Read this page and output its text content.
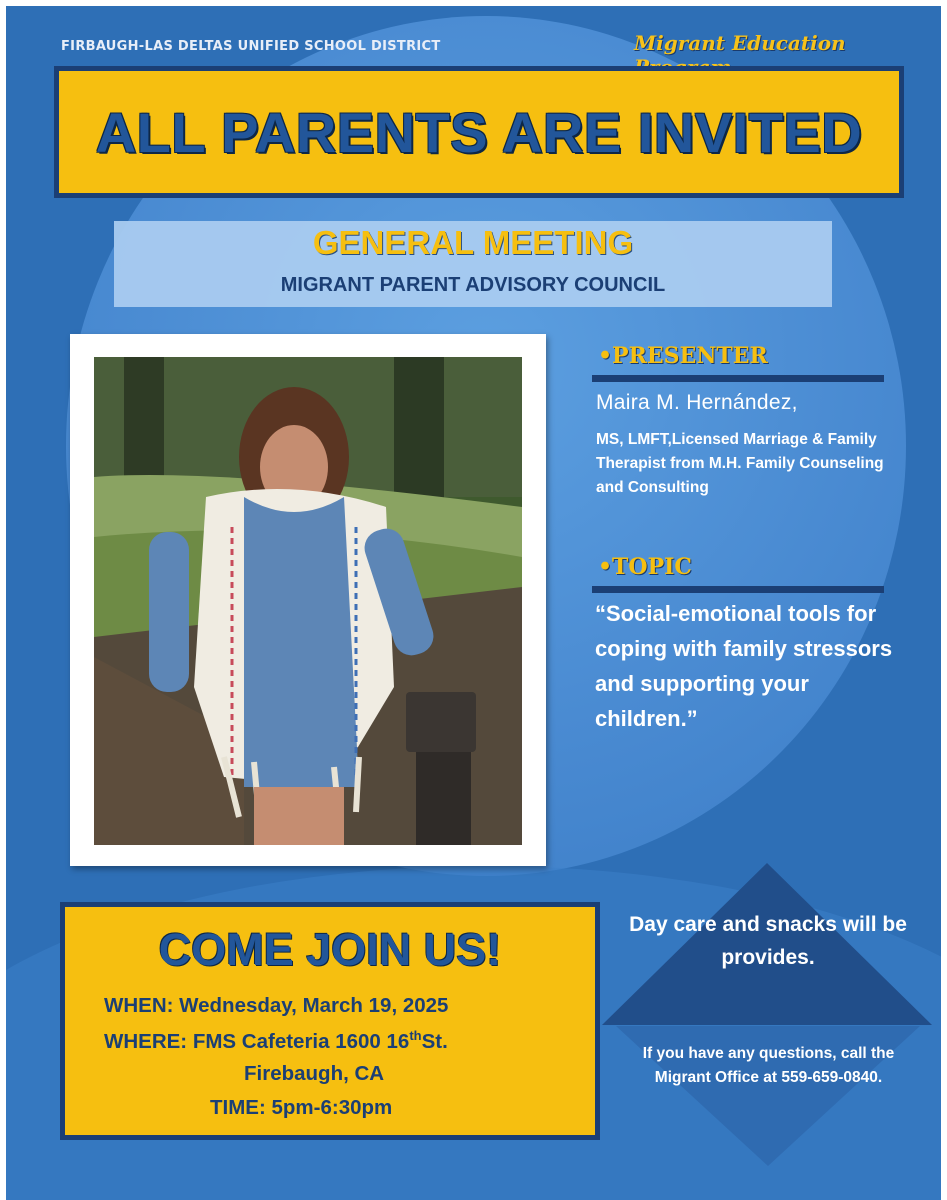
FIRBAUGH-LAS DELTAS UNIFIED SCHOOL DISTRICT	Migrant Education
ALL PARENTS ARE INVITED
GENERAL MEETING
MIGRANT PARENT ADVISORY COUNCIL
•PRESENTER
Maira M. Hernández,
MS, LMFT,Licensed Marriage & Family Therapist from M.H. Family Counseling and Consulting
•TOPIC
“Social-emotional tools for coping with family stressors and supporting your children.”
Day care and snacks will be provides.
If you have any questions, call the Migrant Office at 559-659-0840.
COME JOIN US!
WHEN: Wednesday, March 19, 2025
WHERE: FMS Cafeteria 1600 16thSt.
Firebaugh, CA
TIME: 5pm-6:30pm
